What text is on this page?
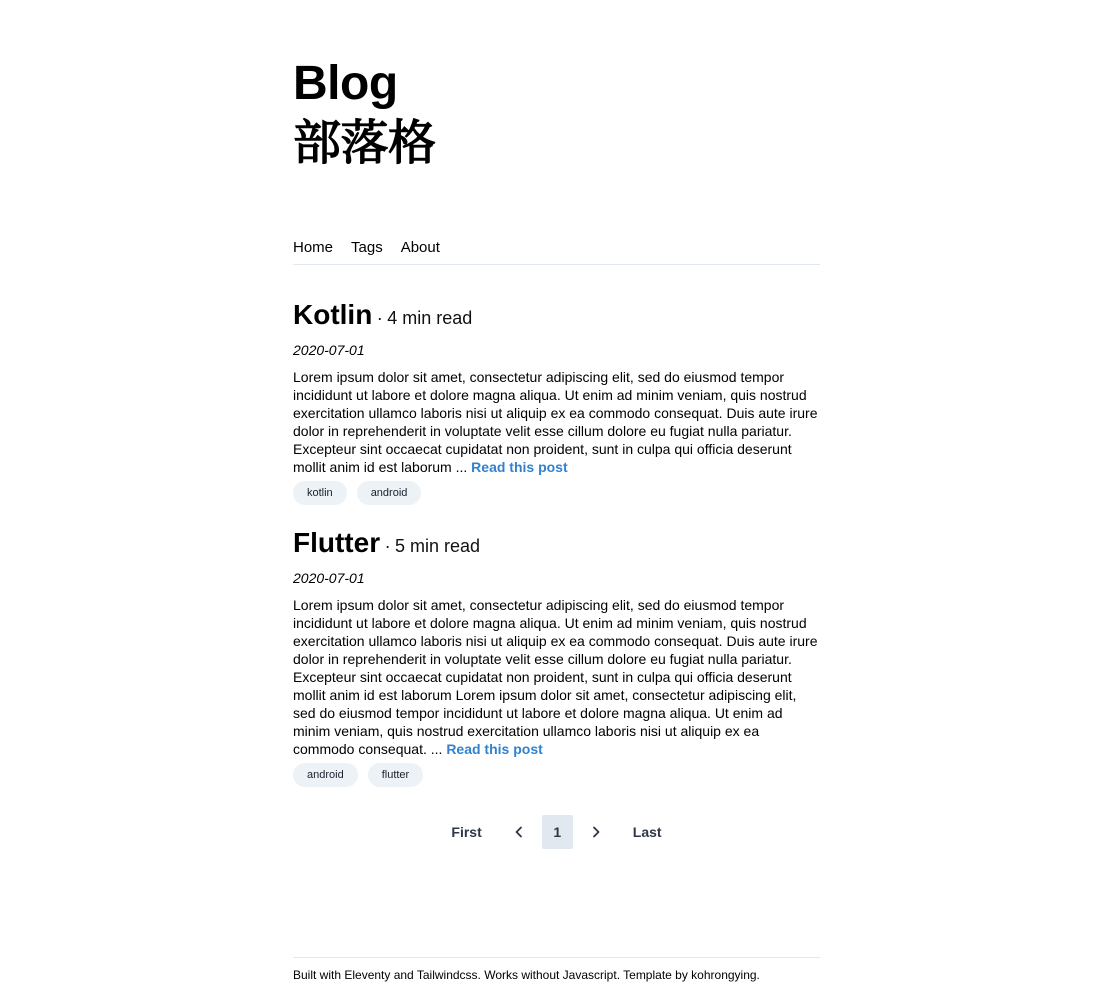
Blog
部落格
Home Tags About
Kotlin · 4 min read
2020-07-01

Lorem ipsum dolor sit amet, consectetur adipiscing elit, sed do eiusmod tempor incididunt ut labore et dolore magna aliqua. Ut enim ad minim veniam, quis nostrud exercitation ullamco laboris nisi ut aliquip ex ea commodo consequat. Duis aute irure dolor in reprehenderit in voluptate velit esse cillum dolore eu fugiat nulla pariatur. Excepteur sint occaecat cupidatat non proident, sunt in culpa qui officia deserunt mollit anim id est laborum ... Read this post

kotlin	android
Flutter · 5 min read
2020-07-01

Lorem ipsum dolor sit amet, consectetur adipiscing elit, sed do eiusmod tempor incididunt ut labore et dolore magna aliqua. Ut enim ad minim veniam, quis nostrud exercitation ullamco laboris nisi ut aliquip ex ea commodo consequat. Duis aute irure dolor in reprehenderit in voluptate velit esse cillum dolore eu fugiat nulla pariatur. Excepteur sint occaecat cupidatat non proident, sunt in culpa qui officia deserunt mollit anim id est laborum Lorem ipsum dolor sit amet, consectetur adipiscing elit, sed do eiusmod tempor incididunt ut labore et dolore magna aliqua. Ut enim ad minim veniam, quis nostrud exercitation ullamco laboris nisi ut aliquip ex ea commodo consequat. ... Read this post

android	flutter
First	1	Last
Built with Eleventy and Tailwindcss. Works without Javascript. Template by kohrongying.
